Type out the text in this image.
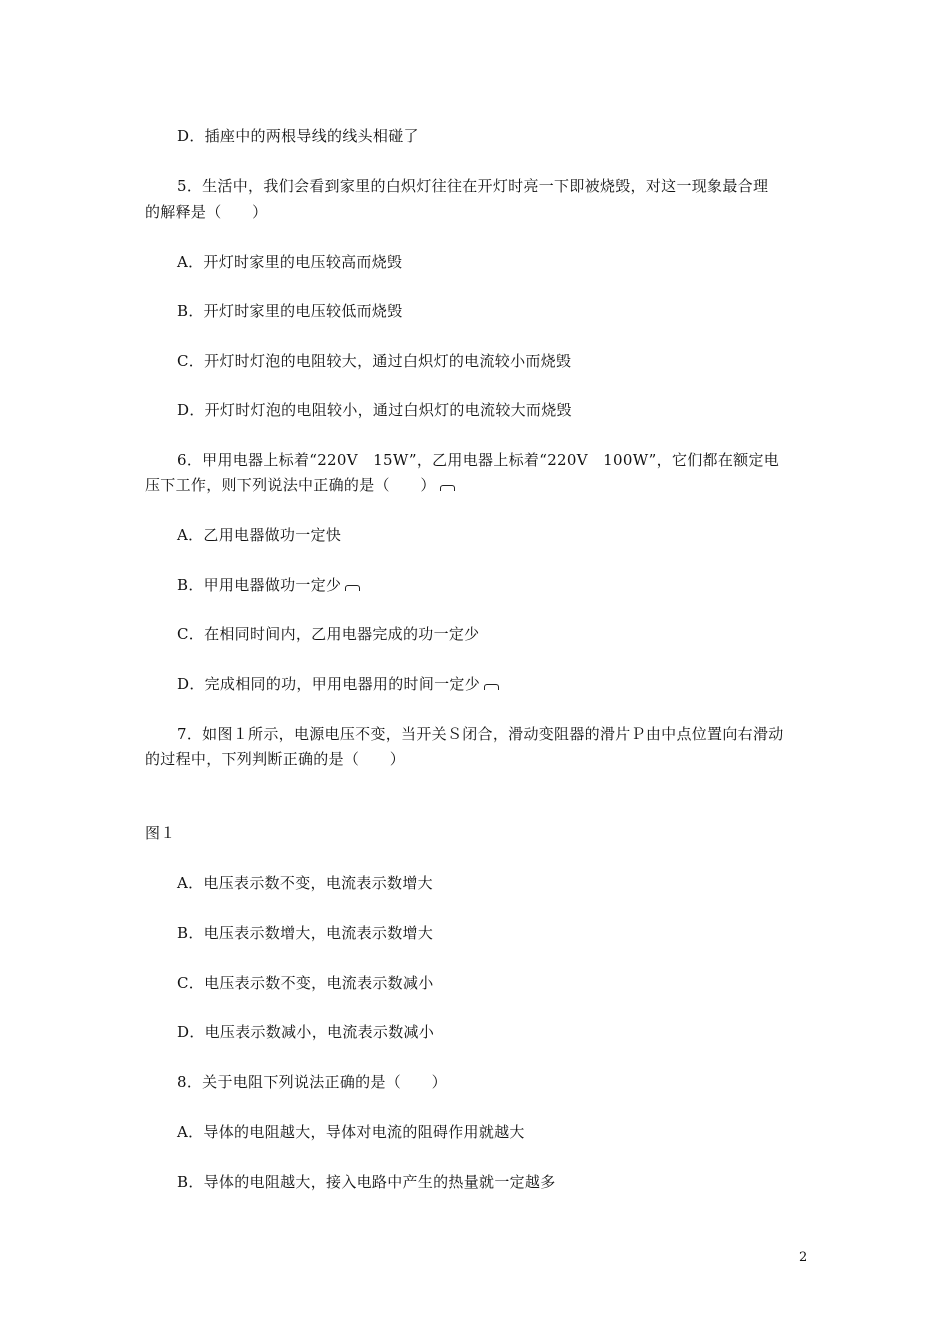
D．插座中的两根导线的线头相碰了
5．生活中，我们会看到家里的白炽灯往往在开灯时亮一下即被烧毁，对这一现象最合理
的解释是（　　）
A．开灯时家里的电压较高而烧毁
B．开灯时家里的电压较低而烧毁
C．开灯时灯泡的电阻较大，通过白炽灯的电流较小而烧毁
D．开灯时灯泡的电阻较小，通过白炽灯的电流较大而烧毁
6．甲用电器上标着“220V　15W”，乙用电器上标着“220V　100W”，它们都在额定电
压下工作，则下列说法中正确的是（　　）
A．乙用电器做功一定快
B．甲用电器做功一定少
C．在相同时间内，乙用电器完成的功一定少
D．完成相同的功，甲用电器用的时间一定少
7．如图１所示，电源电压不变，当开关Ｓ闭合，滑动变阻器的滑片Ｐ由中点位置向右滑动
的过程中，下列判断正确的是（　　）
图１
A．电压表示数不变，电流表示数增大
B．电压表示数增大，电流表示数增大
C．电压表示数不变，电流表示数减小
D．电压表示数减小，电流表示数减小
8．关于电阻下列说法正确的是（　　）
A．导体的电阻越大，导体对电流的阻碍作用就越大
B．导体的电阻越大，接入电路中产生的热量就一定越多
2
